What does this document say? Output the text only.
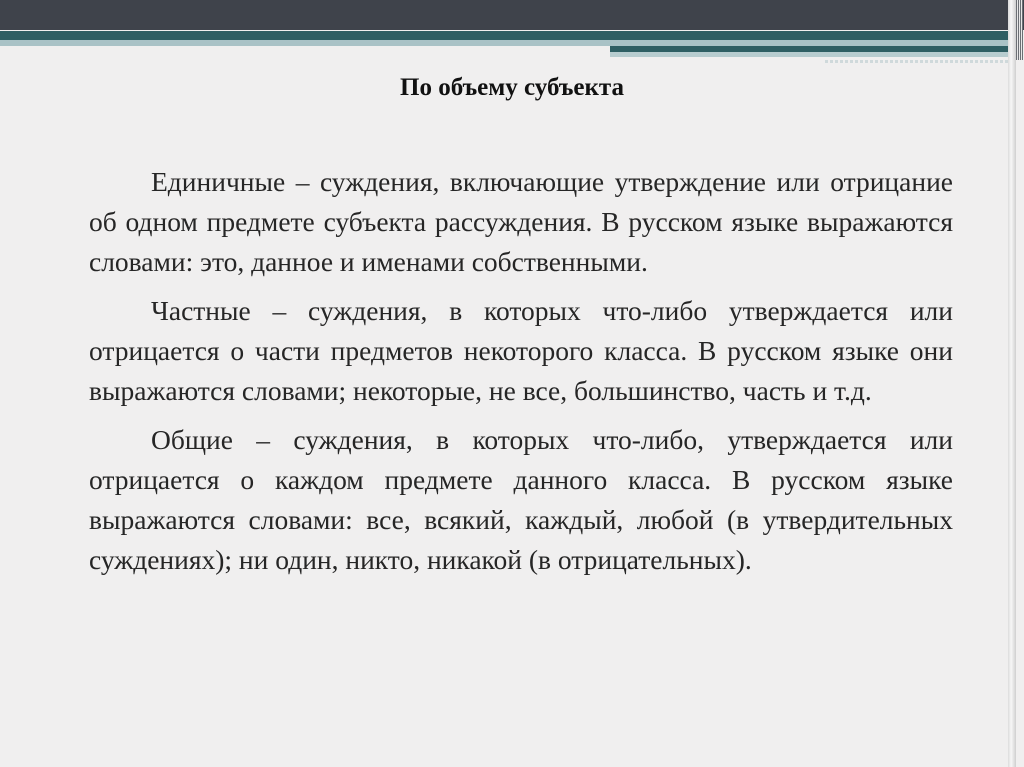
По объему субъекта

Единичные – суждения, включающие утверждение или отрицание об одном предмете субъекта рассуждения. В русском языке выражаются словами: это, данное и именами собственными.

Частные – суждения, в которых что-либо утверждается или отрицается о части предметов некоторого класса. В русском языке они выражаются словами; некоторые, не все, большинство, часть и т.д.

Общие – суждения, в которых что-либо, утверждается или отрицается о каждом предмете данного класса. В русском языке выражаются словами: все, всякий, каждый, любой (в утвердительных суждениях); ни один, никто, никакой (в отрицательных).
